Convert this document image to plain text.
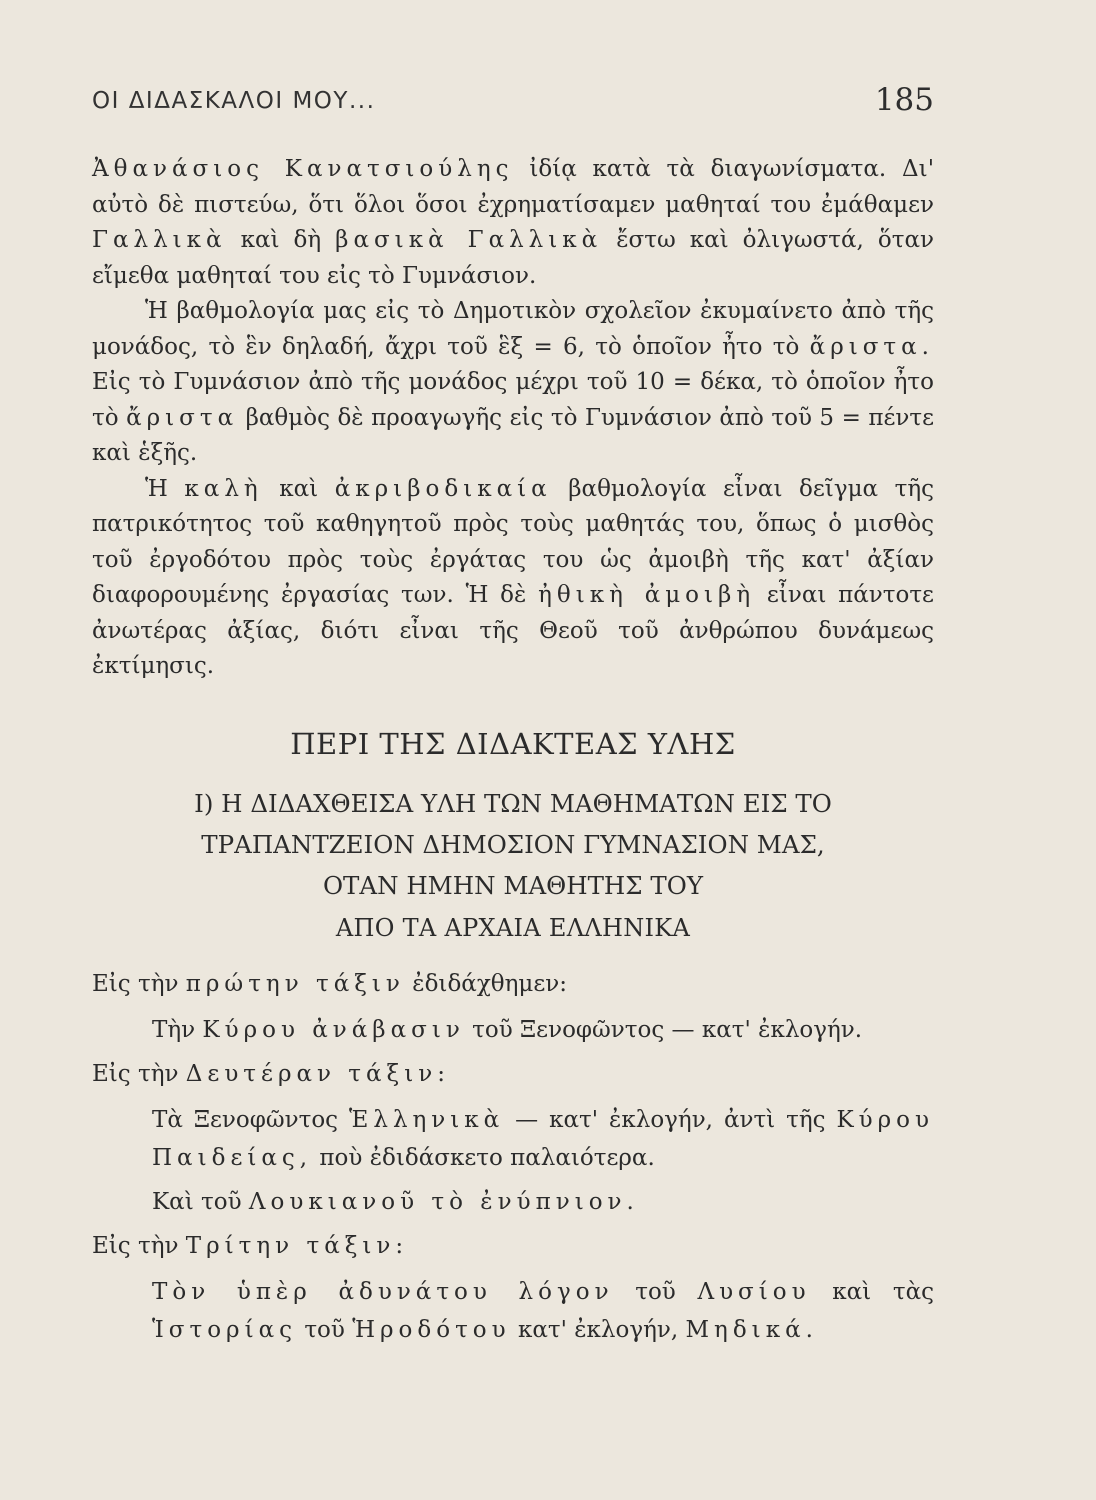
ΟΙ ΔΙΔΑΣΚΑΛΟΙ ΜΟΥ...	185

Ἀθανάσιος Κανατσιούλης ἰδίᾳ κατὰ τὰ διαγωνίσματα. Δι' αὐτὸ δὲ πιστεύω, ὅτι ὅλοι ὅσοι ἐχρηματίσαμεν μαθηταί του ἐμάθαμεν Γαλλικὰ καὶ δὴ βασικὰ Γαλλικὰ ἔστω καὶ ὀλιγωστά, ὅταν εἴμεθα μαθηταί του εἰς τὸ Γυμνάσιον.

Ἡ βαθμολογία μας εἰς τὸ Δημοτικὸν σχολεῖον ἐκυμαίνετο ἀπὸ τῆς μονάδος, τὸ ἓν δηλαδή, ἄχρι τοῦ ἓξ = 6, τὸ ὁποῖον ἦτο τὸ ἄριστα. Εἰς τὸ Γυμνάσιον ἀπὸ τῆς μονάδος μέχρι τοῦ 10 = δέκα, τὸ ὁποῖον ἦτο τὸ ἄριστα βαθμὸς δὲ προαγωγῆς εἰς τὸ Γυμνάσιον ἀπὸ τοῦ 5 = πέντε καὶ ἑξῆς.

Ἡ καλὴ καὶ ἀκριβοδικαία βαθμολογία εἶναι δεῖγμα τῆς πατρικότητος τοῦ καθηγητοῦ πρὸς τοὺς μαθητάς του, ὅπως ὁ μισθὸς τοῦ ἐργοδότου πρὸς τοὺς ἐργάτας του ὡς ἀμοιβὴ τῆς κατ' ἀξίαν διαφορουμένης ἐργασίας των. Ἡ δὲ ἠθικὴ ἀμοιβὴ εἶναι πάντοτε ἀνωτέρας ἀξίας, διότι εἶναι τῆς Θεοῦ τοῦ ἀνθρώπου δυνάμεως ἐκτίμησις.

ΠΕΡΙ ΤΗΣ ΔΙΔΑΚΤΕΑΣ ΥΛΗΣ
Ι) Η ΔΙΔΑΧΘΕΙΣΑ ΥΛΗ ΤΩΝ ΜΑΘΗΜΑΤΩΝ ΕΙΣ ΤΟ
ΤΡΑΠΑΝΤΖΕΙΟΝ ΔΗΜΟΣΙΟΝ ΓΥΜΝΑΣΙΟΝ ΜΑΣ,
ΟΤΑΝ ΗΜΗΝ ΜΑΘΗΤΗΣ ΤΟΥ
ΑΠΟ ΤΑ ΑΡΧΑΙΑ ΕΛΛΗΝΙΚΑ
Εἰς τὴν πρώτην τάξιν ἐδιδάχθημεν:
Τὴν Κύρου ἀνάβασιν τοῦ Ξενοφῶντος — κατ' ἐκλογήν.
Εἰς τὴν Δευτέραν τάξιν:
Τὰ Ξενοφῶντος Ἑλληνικὰ — κατ' ἐκλογήν, ἀντὶ τῆς Κύρου Παιδείας, ποὺ ἐδιδάσκετο παλαιότερα.
Καὶ τοῦ Λουκιανοῦ τὸ ἐνύπνιον.
Εἰς τὴν Τρίτην τάξιν:
Τὸν ὑπὲρ ἀδυνάτου λόγον τοῦ Λυσίου καὶ τὰς Ἱστορίας τοῦ Ἡροδότου κατ' ἐκλογήν, Μηδικά.
